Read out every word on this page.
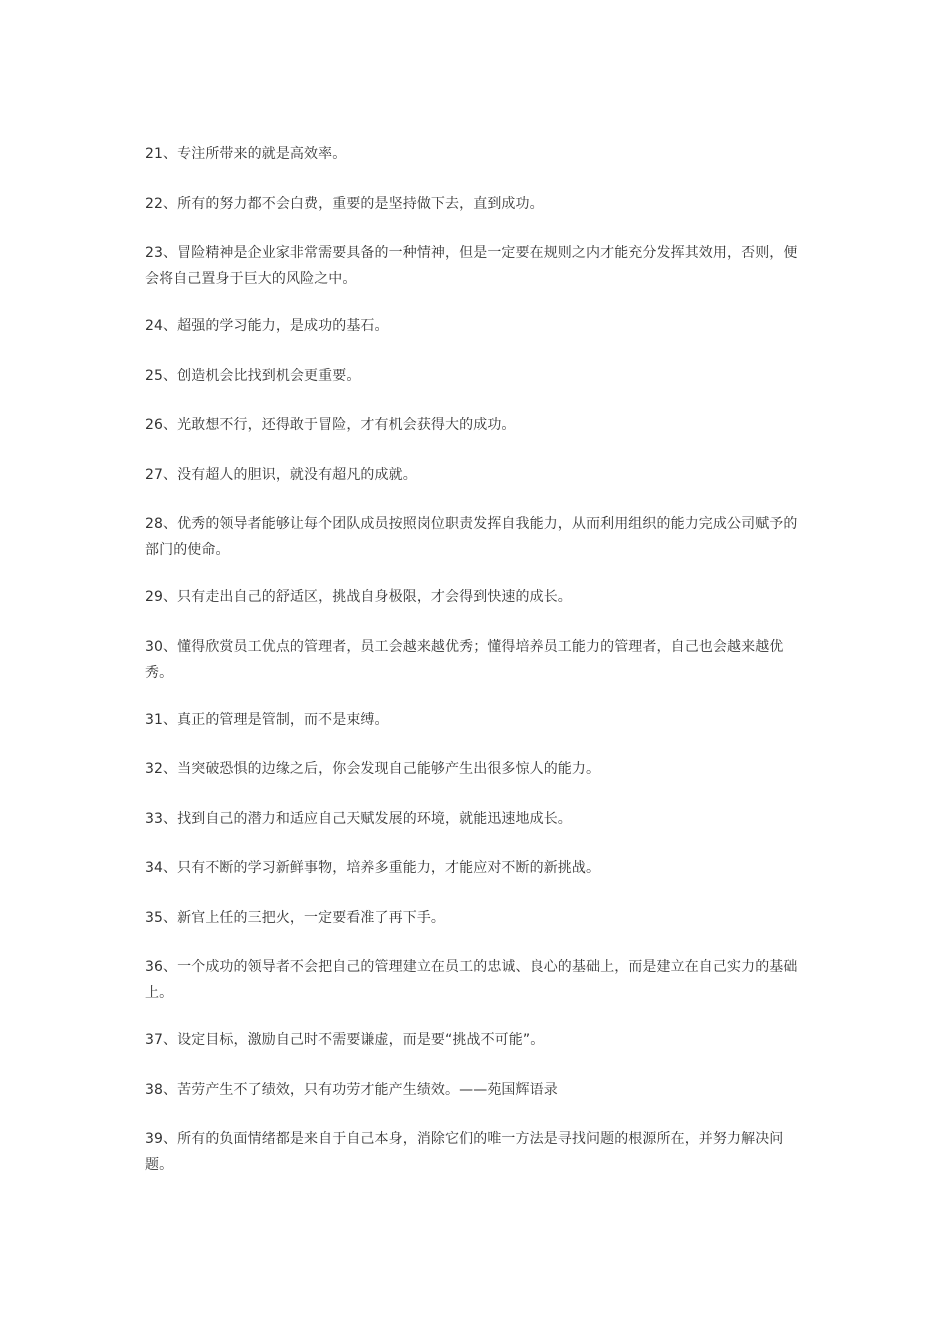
21、专注所带来的就是高效率。

22、所有的努力都不会白费，重要的是坚持做下去，直到成功。

23、冒险精神是企业家非常需要具备的一种情神，但是一定要在规则之内才能充分发挥其效用，否则，便会将自己置身于巨大的风险之中。

24、超强的学习能力，是成功的基石。

25、创造机会比找到机会更重要。

26、光敢想不行，还得敢于冒险，才有机会获得大的成功。

27、没有超人的胆识，就没有超凡的成就。

28、优秀的领导者能够让每个团队成员按照岗位职责发挥自我能力，从而利用组织的能力完成公司赋予的部门的使命。

29、只有走出自己的舒适区，挑战自身极限，才会得到快速的成长。

30、懂得欣赏员工优点的管理者，员工会越来越优秀；懂得培养员工能力的管理者，自己也会越来越优秀。

31、真正的管理是管制，而不是束缚。

32、当突破恐惧的边缘之后，你会发现自己能够产生出很多惊人的能力。

33、找到自己的潜力和适应自己天赋发展的环境，就能迅速地成长。

34、只有不断的学习新鲜事物，培养多重能力，才能应对不断的新挑战。

35、新官上任的三把火，一定要看准了再下手。

36、一个成功的领导者不会把自己的管理建立在员工的忠诚、良心的基础上，而是建立在自己实力的基础上。

37、设定目标，激励自己时不需要谦虚，而是要“挑战不可能”。

38、苦劳产生不了绩效，只有功劳才能产生绩效。——苑国辉语录

39、所有的负面情绪都是来自于自己本身，消除它们的唯一方法是寻找问题的根源所在，并努力解决问题。
